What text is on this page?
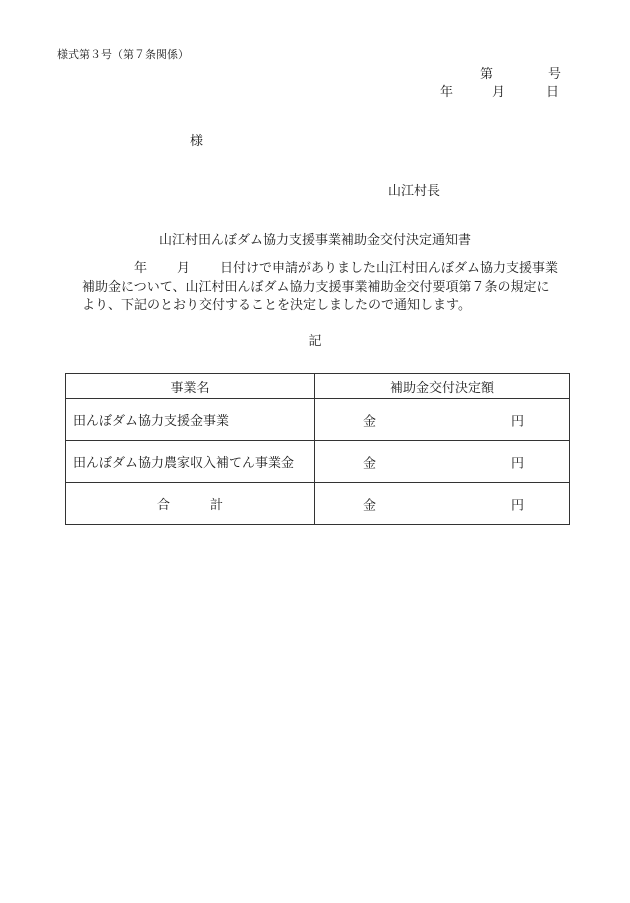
様式第３号（第７条関係）
第	号
年	月	日
様
山江村長
山江村田んぼダム協力支援事業補助金交付決定通知書
年 月 日付けで申請がありました山江村田んぼダム協力支援事業
補助金について、山江村田んぼダム協力支援事業補助金交付要項第７条の規定に
より、下記のとおり交付することを決定しましたので通知します。
記
事業名	補助金交付決定額
田んぼダム協力支援金事業	金 円

田んぼダム協力農家収入補てん事業金	金 円

合 計	金 円
